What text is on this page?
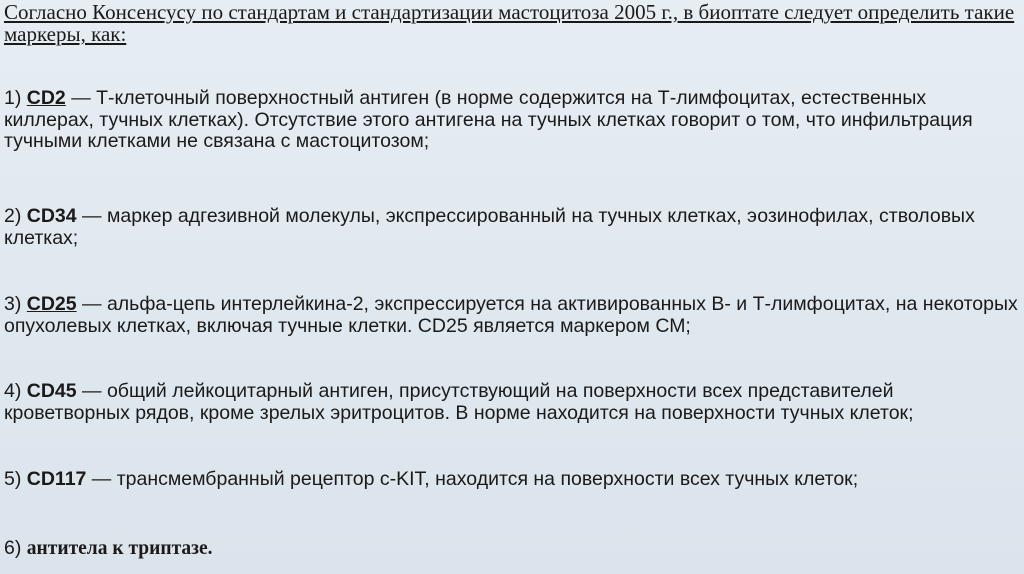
Согласно Консенсусу по стандартам и стандартизации мастоцитоза 2005 г., в биоптате следует определить такие маркеры, как:

1) CD2 — Т-клеточный поверхностный антиген (в норме содержится на Т-лимфоцитах, естественных киллерах, тучных клетках). Отсутствие этого антигена на тучных клетках говорит о том, что инфильтрация тучными клетками не связана с мастоцитозом;

2) CD34 — маркер адгезивной молекулы, экспрессированный на тучных клетках, эозинофилах, стволовых клетках;

3) CD25 — альфа-цепь интерлейкина-2, экспрессируется на активированных В- и Т-лимфоцитах, на некоторых опухолевых клетках, включая тучные клетки. CD25 является маркером СМ;

4) CD45 — общий лейкоцитарный антиген, присутствующий на поверхности всех представителей кроветворных рядов, кроме зрелых эритроцитов. В норме находится на поверхности тучных клеток;

5) CD117 — трансмембранный рецептор c-KIT, находится на поверхности всех тучных клеток;

6) антитела к триптазе.
